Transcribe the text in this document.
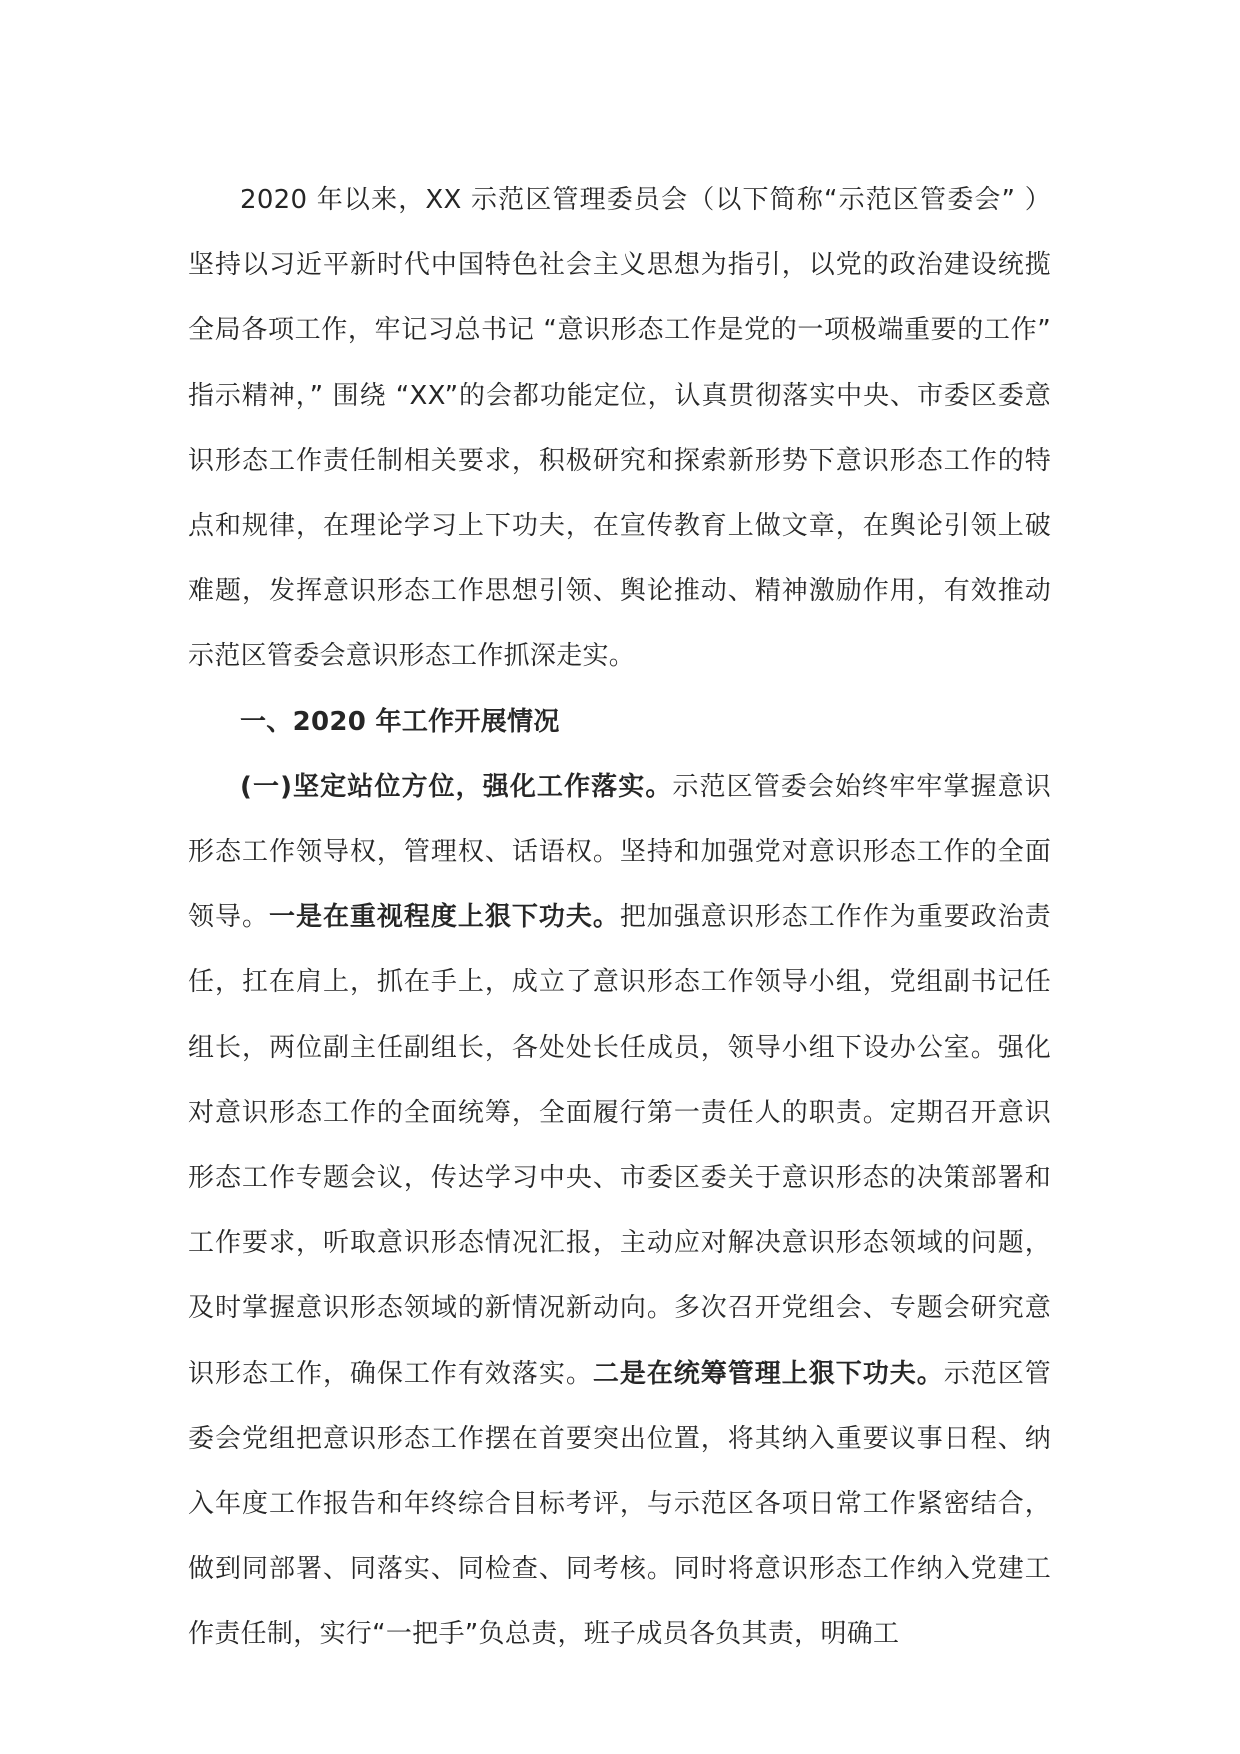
2020 年以来，XX 示范区管理委员会（以下简称“示范区管委会” ）坚持以习近平新时代中国特色社会主义思想为指引，以党的政治建设统揽全局各项工作，牢记习总书记 “意识形态工作是党的一项极端重要的工作” 指示精神，” 围绕 “XX”的会都功能定位，认真贯彻落实中央、市委区委意识形态工作责任制相关要求，积极研究和探索新形势下意识形态工作的特点和规律，在理论学习上下功夫，在宣传教育上做文章，在舆论引领上破难题，发挥意识形态工作思想引领、舆论推动、精神激励作用，有效推动示范区管委会意识形态工作抓深走实。

一、2020 年工作开展情况

(一)坚定站位方位，强化工作落实。示范区管委会始终牢牢掌握意识形态工作领导权，管理权、话语权。坚持和加强党对意识形态工作的全面领导。一是在重视程度上狠下功夫。把加强意识形态工作作为重要政治责任，扛在肩上，抓在手上，成立了意识形态工作领导小组，党组副书记任组长，两位副主任副组长，各处处长任成员，领导小组下设办公室。强化对意识形态工作的全面统筹，全面履行第一责任人的职责。定期召开意识形态工作专题会议，传达学习中央、市委区委关于意识形态的决策部署和工作要求，听取意识形态情况汇报，主动应对解决意识形态领域的问题，及时掌握意识形态领域的新情况新动向。多次召开党组会、专题会研究意识形态工作，确保工作有效落实。二是在统筹管理上狠下功夫。示范区管委会党组把意识形态工作摆在首要突出位置，将其纳入重要议事日程、纳入年度工作报告和年终综合目标考评，与示范区各项日常工作紧密结合，做到同部署、同落实、同检查、同考核。同时将意识形态工作纳入党建工作责任制，实行“一把手”负总责，班子成员各负其责，明确工
